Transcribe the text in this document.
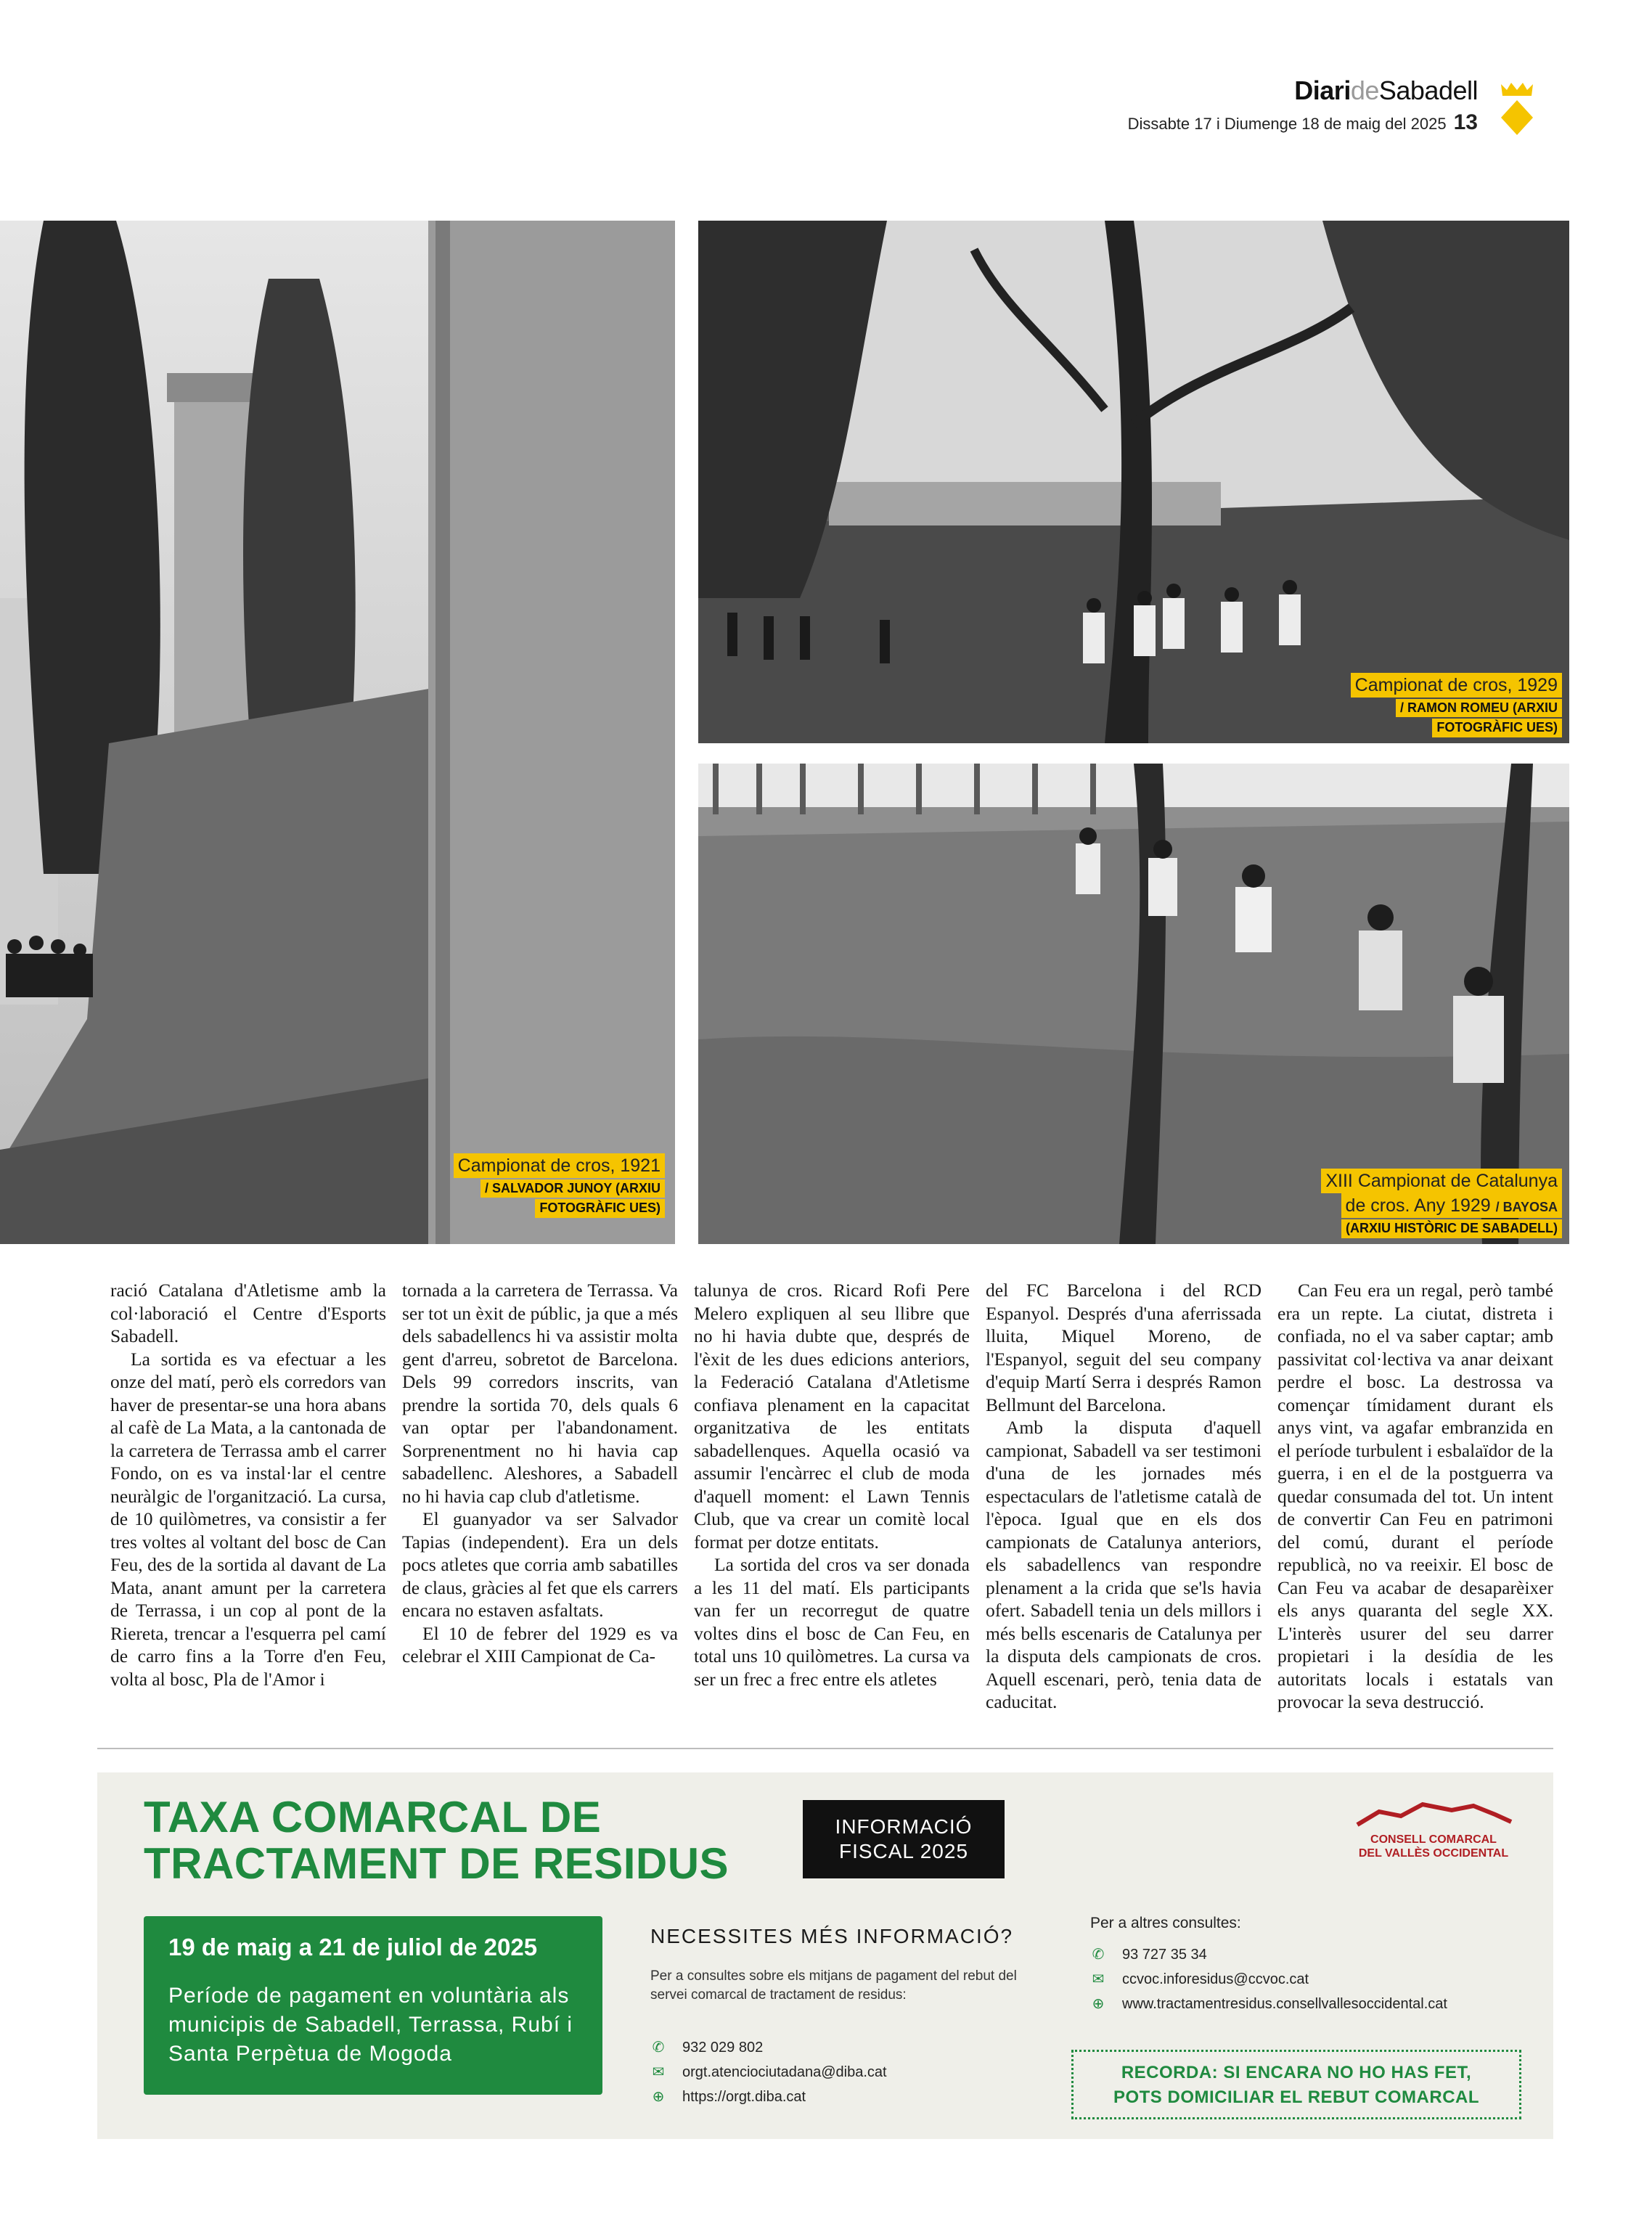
DiarideSabadell
Dissabte 17 i Diumenge 18 de maig del 2025 13
Campionat de cros, 1921
/ SALVADOR JUNOY (ARXIU
FOTOGRÀFIC UES)
Campionat de cros, 1929
/ RAMON ROMEU (ARXIU
FOTOGRÀFIC UES)
XIII Campionat de Catalunya
de cros. Any 1929 / BAYOSA
(ARXIU HISTÒRIC DE SABADELL)

ració Catalana d'Atletisme amb la col·laboració el Centre d'Esports Sabadell.

La sortida es va efectuar a les onze del matí, però els corredors van haver de presentar-se una hora abans al cafè de La Mata, a la cantonada de la carretera de Terrassa amb el carrer Fondo, on es va instal·lar el centre neuràlgic de l'organització. La cursa, de 10 quilòmetres, va consistir a fer tres voltes al voltant del bosc de Can Feu, des de la sortida al davant de La Mata, anant amunt per la carretera de Terrassa, i un cop al pont de la Riereta, trencar a l'esquerra pel camí de carro fins a la Torre d'en Feu, volta al bosc, Pla de l'Amor i

tornada a la carretera de Terrassa. Va ser tot un èxit de públic, ja que a més dels sabadellencs hi va assistir molta gent d'arreu, sobretot de Barcelona. Dels 99 corredors inscrits, van prendre la sortida 70, dels quals 6 van optar per l'abandonament. Sorprenentment no hi havia cap sabadellenc. Aleshores, a Sabadell no hi havia cap club d'atletisme.

El guanyador va ser Salvador Tapias (independent). Era un dels pocs atletes que corria amb sabatilles de claus, gràcies al fet que els carrers encara no estaven asfaltats.

El 10 de febrer del 1929 es va celebrar el XIII Campionat de Ca-

talunya de cros. Ricard Rofi Pere Melero expliquen al seu llibre que no hi havia dubte que, després de l'èxit de les dues edicions anteriors, la Federació Catalana d'Atletisme confiava plenament en la capacitat organitzativa de les entitats sabadellenques. Aquella ocasió va assumir l'encàrrec el club de moda d'aquell moment: el Lawn Tennis Club, que va crear un comitè local format per dotze entitats.

La sortida del cros va ser donada a les 11 del matí. Els participants van fer un recorregut de quatre voltes dins el bosc de Can Feu, en total uns 10 quilòmetres. La cursa va ser un frec a frec entre els atletes

del FC Barcelona i del RCD Espanyol. Després d'una aferrissada lluita, Miquel Moreno, de l'Espanyol, seguit del seu company d'equip Martí Serra i després Ramon Bellmunt del Barcelona.

Amb la disputa d'aquell campionat, Sabadell va ser testimoni d'una de les jornades més espectaculars de l'atletisme català de l'època. Igual que en els dos campionats de Catalunya anteriors, els sabadellencs van respondre plenament a la crida que se'ls havia ofert. Sabadell tenia un dels millors i més bells escenaris de Catalunya per la disputa dels campionats de cros. Aquell escenari, però, tenia data de caducitat.

Can Feu era un regal, però també era un repte. La ciutat, distreta i confiada, no el va saber captar; amb passivitat col·lectiva va anar deixant perdre el bosc. La destrossa va començar tímidament durant els anys vint, va agafar embranzida en el període turbulent i esbalaïdor de la guerra, i en el de la postguerra va quedar consumada del tot. Un intent de convertir Can Feu en patrimoni del comú, durant el període republicà, no va reeixir. El bosc de Can Feu va acabar de desaparèixer els anys quaranta del segle XX. L'interès usurer del seu darrer propietari i la desídia de les autoritats locals i estatals van provocar la seva destrucció.

TAXA COMARCAL DE
TRACTAMENT DE RESIDUS
INFORMACIÓ
FISCAL 2025
CONSELL COMARCAL
DEL VALLÈS OCCIDENTAL
19 de maig a 21 de juliol de 2025
Període de pagament en voluntària als municipis de Sabadell, Terrassa, Rubí i Santa Perpètua de Mogoda
NECESSITES MÉS INFORMACIÓ?
Per a consultes sobre els mitjans de pagament del rebut del servei comarcal de tractament de residus:
✆ 932 029 802
✉ orgt.atenciociutadana@diba.cat
⊕ https://orgt.diba.cat
Per a altres consultes:
✆ 93 727 35 34
✉ ccvoc.inforesidus@ccvoc.cat
⊕ www.tractamentresidus.consellvallesoccidental.cat
RECORDA: SI ENCARA NO HO HAS FET,
POTS DOMICILIAR EL REBUT COMARCAL
